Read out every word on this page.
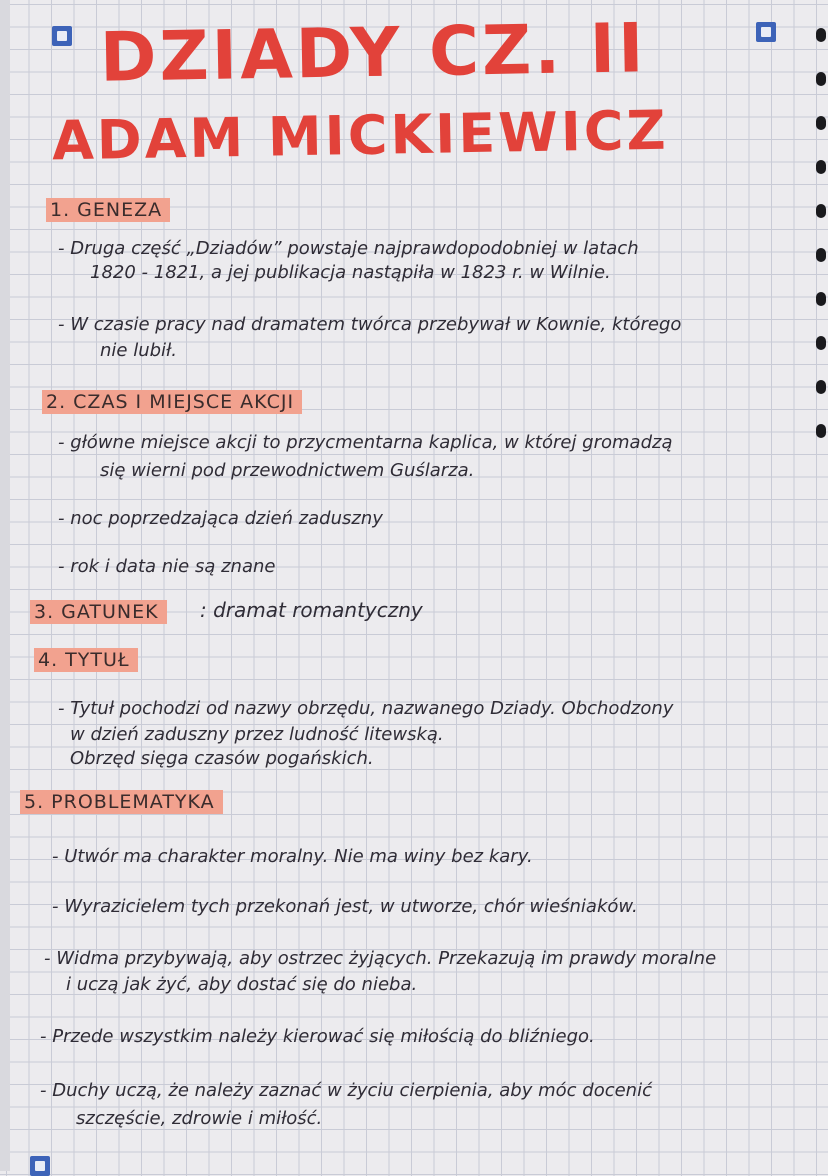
DZIADY CZ. II
ADAM MICKIEWICZ
1. GENEZA
- Druga część „Dziadów” powstaje najprawdopodobniej w latach
1820 - 1821, a jej publikacja nastąpiła w 1823 r. w Wilnie.
- W czasie pracy nad dramatem twórca przebywał w Kownie, którego
nie lubił.
2. CZAS I MIEJSCE AKCJI
- główne miejsce akcji to przycmentarna kaplica, w której gromadzą
się wierni pod przewodnictwem Guślarza.
- noc poprzedzająca dzień zaduszny
- rok i data nie są znane
3. GATUNEK	: dramat romantyczny
4. TYTUŁ
- Tytuł pochodzi od nazwy obrzędu, nazwanego Dziady. Obchodzony
w dzień zaduszny przez ludność litewską.
Obrzęd sięga czasów pogańskich.
5. PROBLEMATYKA
- Utwór ma charakter moralny. Nie ma winy bez kary.
- Wyrazicielem tych przekonań jest, w utworze, chór wieśniaków.
- Widma przybywają, aby ostrzec żyjących. Przekazują im prawdy moralne
i uczą jak żyć, aby dostać się do nieba.
- Przede wszystkim należy kierować się miłością do bliźniego.
- Duchy uczą, że należy zaznać w życiu cierpienia, aby móc docenić
szczęście, zdrowie i miłość.
